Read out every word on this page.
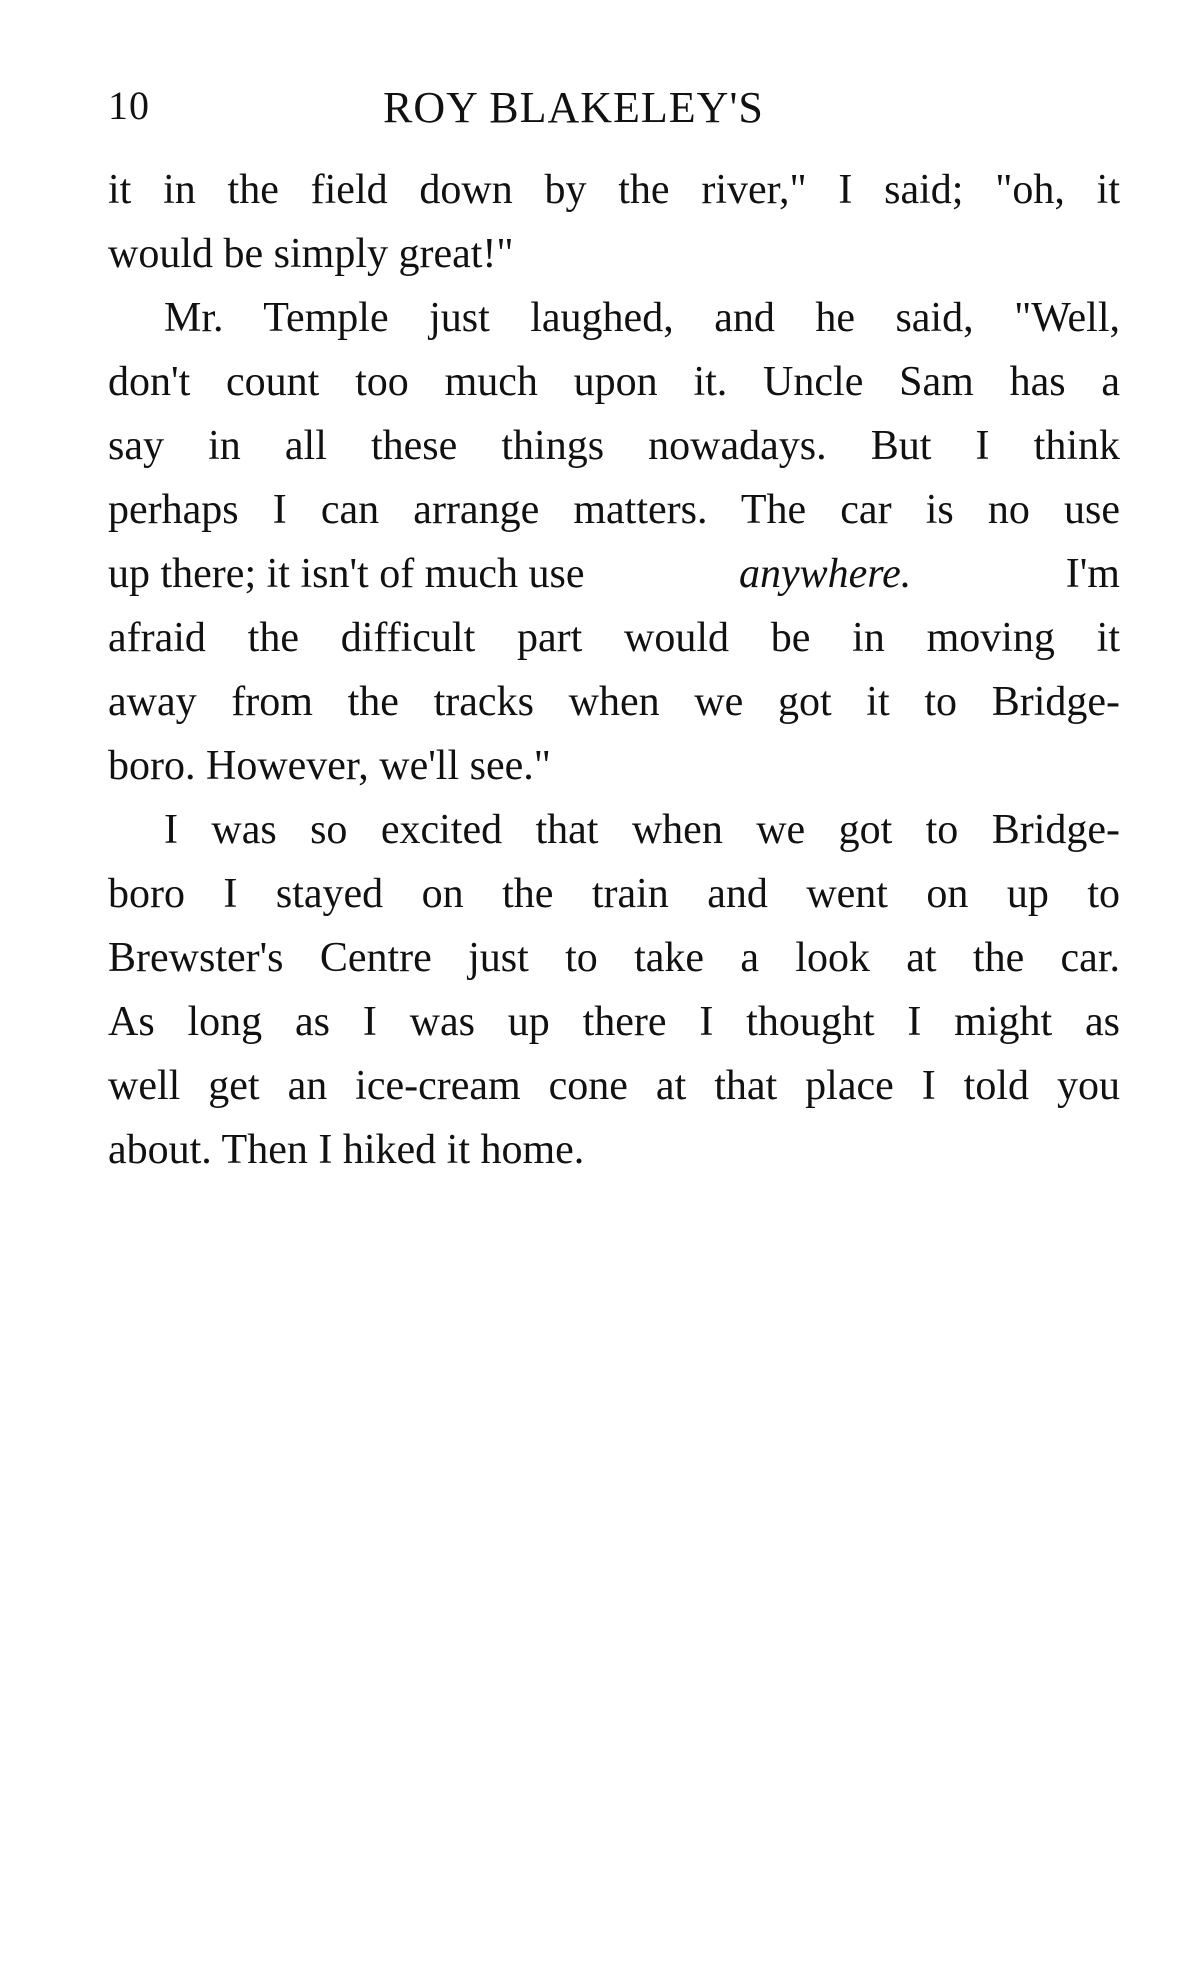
10	ROY BLAKELEY'S
it in the field down by the river," I said; "oh, it
would be simply great!"
Mr. Temple just laughed, and he said, "Well,
don't count too much upon it. Uncle Sam has a
say in all these things nowadays. But I think
perhaps I can arrange matters. The car is no use
up there; it isn't of much use	anywhere.	I'm
afraid the difficult part would be in moving it
away from the tracks when we got it to Bridge-
boro. However, we'll see."
I was so excited that when we got to Bridge-
boro I stayed on the train and went on up to
Brewster's Centre just to take a look at the car.
As long as I was up there I thought I might as
well get an ice-cream cone at that place I told you
about. Then I hiked it home.
